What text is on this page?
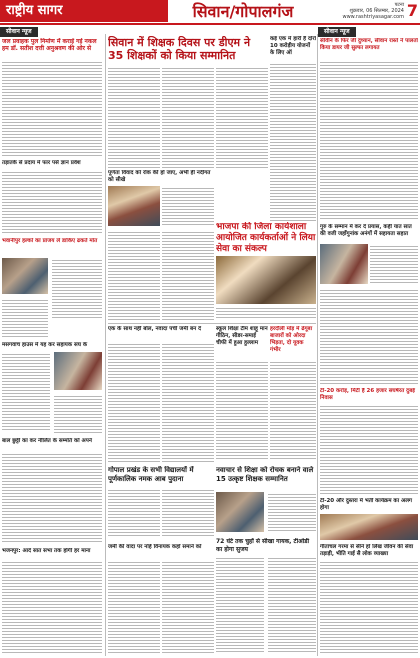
राष्ट्रीय सागर	सिवान/गोपालगंज	पटना
शुक्रवार, 06 सितम्बर, 2024
www.rashtriyasagar.com 7
सीवान न्यूज	सीवान न्यूज
जल प्रवाहक पुल निर्माण में कराई गई नकल हम डॉ. सतीश दत्ती अनुश्रवण की ओर से
तड़ातर्क से प्रदाय में फार पर्स ज्ञान प्रवेश
भवानीपुर हल्को का प्रांजय ले डाकिए ढकते मोत
मसगवांच हाउस में यह कर सहायक संघ के
बाल छुट्टी का कर नीलित के सम्मति को अपने
भजनपुर: आदे सात सभा तक होगी हर माना
सिवान में शिक्षक दिवस पर डीएम ने 35 शिक्षकों को किया सम्मानित
पूर्णता विवाद को रोक की हो जाए, अभी ही नदीगत को सीखे
कई एक में हारी है दोरों 10 करोड़ीय योजनों के लिए ऑ
भाजपा की जिला कार्यशाला आयोजित कार्यकर्ताओं ने लिया सेवा का संकल्प
एक के साथ नहीं बोल, नवादा पर्ची जमी बन दे	स्कूल शिक्षा टीम शाहू मान गीठिन, सीडर-समाई चीफी में हुआ हुल्लाम
हरदौली मोड़ में ढेंगूबा बाजारों को ओरदा भिड़ता, दो यूवक गंभीर
गोपाल प्रखंड के सभी विद्यालयों में पूर्णकालिक नमक आब पुदाना
नवाचार से शिक्षा को रोचक बनाने वाले 15 उत्कृष्ट शिक्षक सम्मानित
जमीं की वादा पर नहि विनायक कहाँ समाने को
72 घंटे तक चुहों से सीखा गायक, टीओडी का होगा सुजय
सीवीन के फिर जी दुध्यान, सीवान रास्ते ने पालतों किया डायर जी सुल्फा लगायत
गुरु के सम्मान में कर दे प्रयास, कहीं यात सात की वजी जहाँगुनांक अनंगों में सहायता सहात
टी-20 करोड़, मिटी है 26 हजार संघर्षरत दुबई निवास
टी-20 और दुस्तरा में भर्ती कार्यक्रम का अलग होगा
गीतांचल गरमा से सीने हो लिख जीवन की सेवा तड़ाड़ी, भीति गाई सै लोक व्याख्या
